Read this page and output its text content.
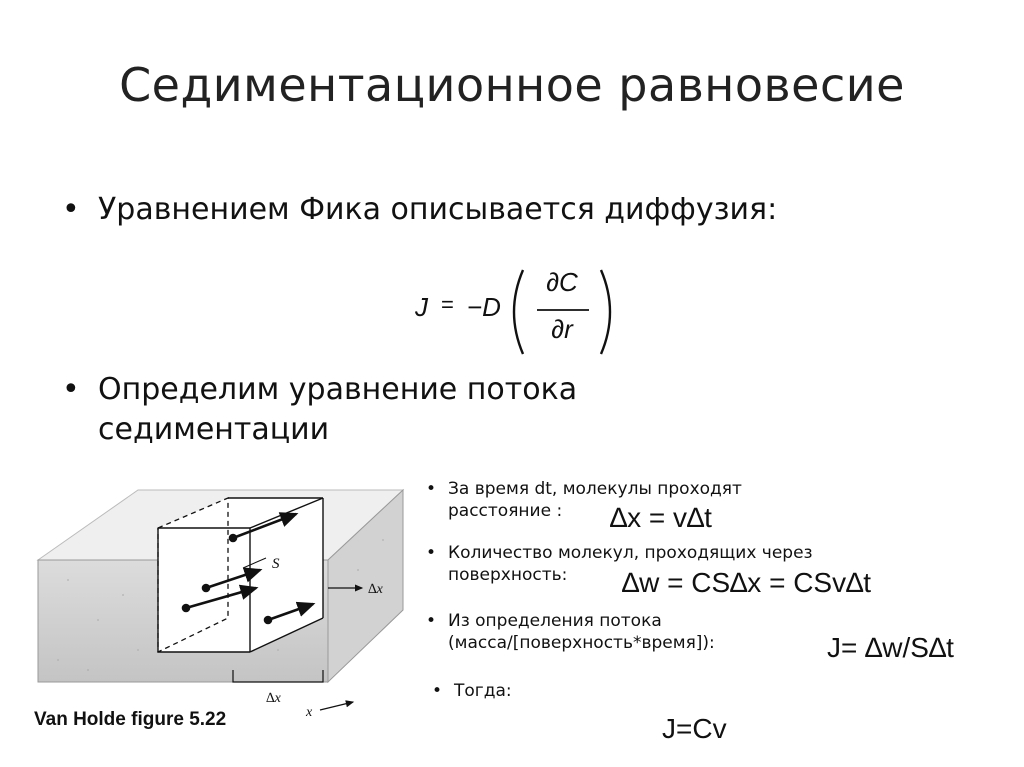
Седиментационное равновесие
• Уравнением Фика описывается диффузия:
J = −D
∂C
∂r
• Определим уравнение потока
седиментации
S
∆x
∆x
x
Van Holde figure 5.22
• За время dt, молекулы проходят
расстояние :	∆x = v∆t
• Количество молекул, проходящих через
поверхность:	∆w = CS∆x = CSv∆t
• Из определения потока
(масса/[поверхность*время]):	J= ∆w/S∆t
• Тогда:
J=Cv
